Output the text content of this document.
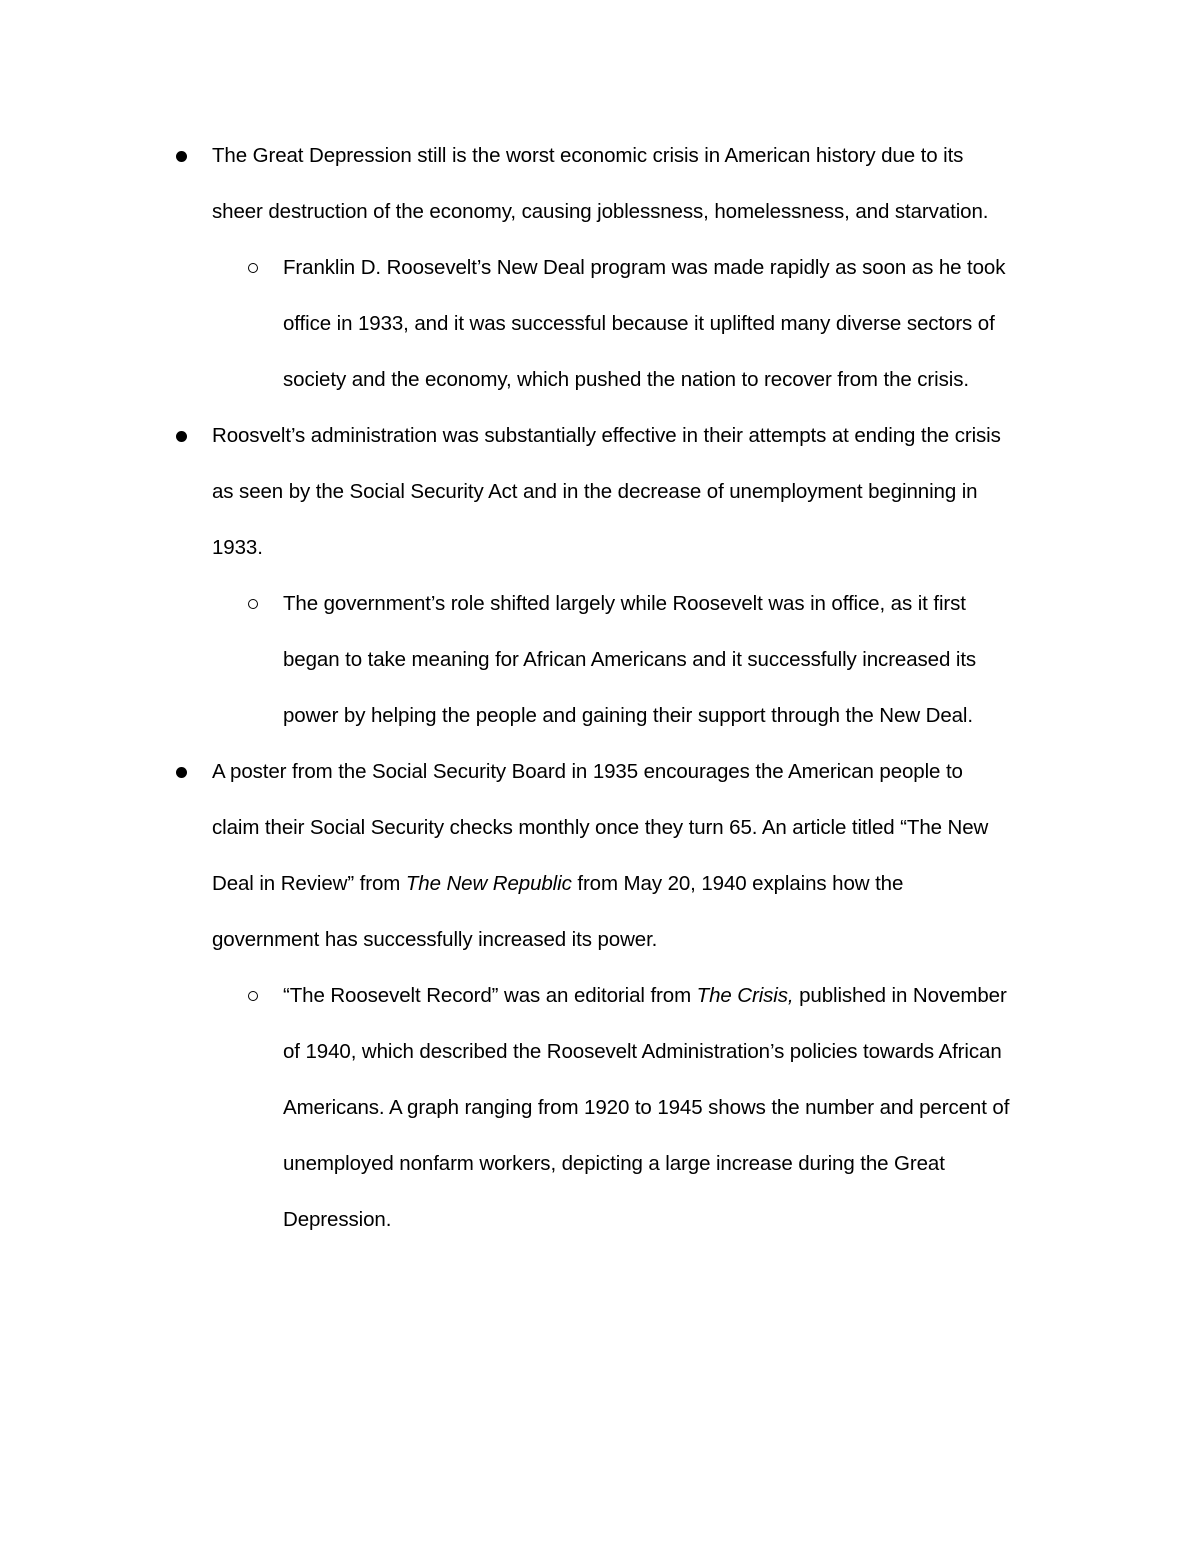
The Great Depression still is the worst economic crisis in American history due to its
sheer destruction of the economy, causing joblessness, homelessness, and starvation.
Franklin D. Roosevelt’s New Deal program was made rapidly as soon as he took
office in 1933, and it was successful because it uplifted many diverse sectors of
society and the economy, which pushed the nation to recover from the crisis.
Roosvelt’s administration was substantially effective in their attempts at ending the crisis
as seen by the Social Security Act and in the decrease of unemployment beginning in
1933.
The government’s role shifted largely while Roosevelt was in office, as it first
began to take meaning for African Americans and it successfully increased its
power by helping the people and gaining their support through the New Deal.
A poster from the Social Security Board in 1935 encourages the American people to
claim their Social Security checks monthly once they turn 65. An article titled “The New
Deal in Review” from The New Republic from May 20, 1940 explains how the
government has successfully increased its power.
“The Roosevelt Record” was an editorial from The Crisis, published in November
of 1940, which described the Roosevelt Administration’s policies towards African
Americans. A graph ranging from 1920 to 1945 shows the number and percent of
unemployed nonfarm workers, depicting a large increase during the Great
Depression.
